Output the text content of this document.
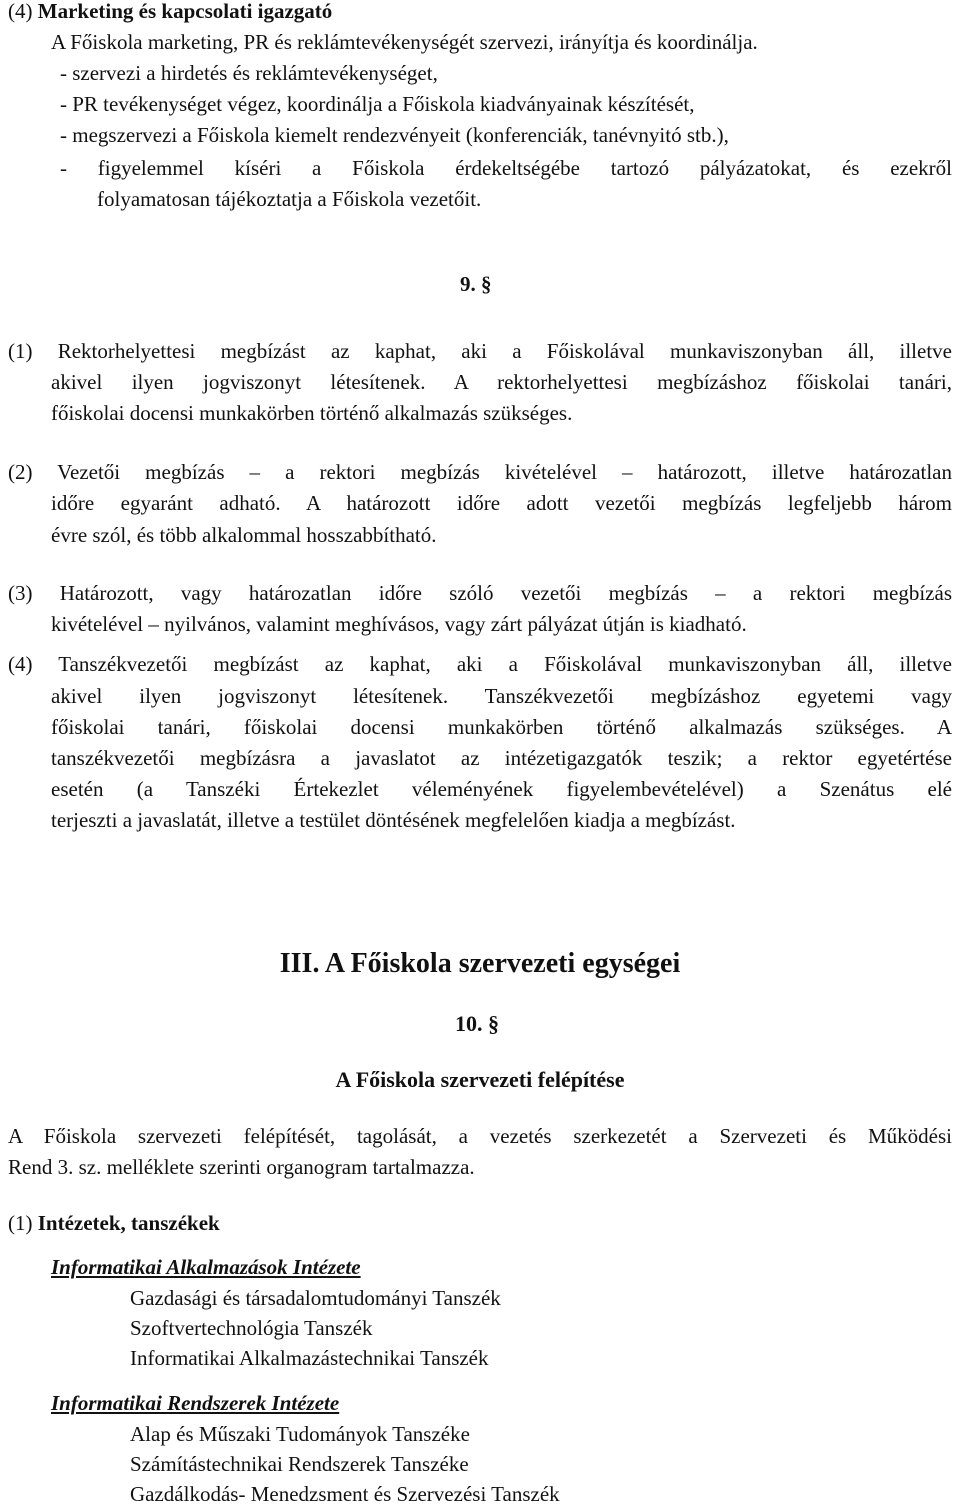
(4) Marketing és kapcsolati igazgató
A Főiskola marketing, PR és reklámtevékenységét szervezi, irányítja és koordinálja.
- szervezi a hirdetés és reklámtevékenységet,
- PR tevékenységet végez, koordinálja a Főiskola kiadványainak készítését,
- megszervezi a Főiskola kiemelt rendezvényeit (konferenciák, tanévnyitó stb.),
- figyelemmel kíséri a Főiskola érdekeltségébe tartozó pályázatokat, és ezekről
folyamatosan tájékoztatja a Főiskola vezetőit.
9. §
(1) Rektorhelyettesi megbízást az kaphat, aki a Főiskolával munkaviszonyban áll, illetve
akivel ilyen jogviszonyt létesítenek. A rektorhelyettesi megbízáshoz főiskolai tanári,
főiskolai docensi munkakörben történő alkalmazás szükséges.
(2) Vezetői megbízás – a rektori megbízás kivételével – határozott, illetve határozatlan
időre egyaránt adható. A határozott időre adott vezetői megbízás legfeljebb három
évre szól, és több alkalommal hosszabbítható.
(3) Határozott, vagy határozatlan időre szóló vezetői megbízás – a rektori megbízás
kivételével – nyilvános, valamint meghívásos, vagy zárt pályázat útján is kiadható.
(4) Tanszékvezetői megbízást az kaphat, aki a Főiskolával munkaviszonyban áll, illetve
akivel ilyen jogviszonyt létesítenek. Tanszékvezetői megbízáshoz egyetemi vagy
főiskolai tanári, főiskolai docensi munkakörben történő alkalmazás szükséges. A
tanszékvezetői megbízásra a javaslatot az intézetigazgatók teszik; a rektor egyetértése
esetén (a Tanszéki Értekezlet véleményének figyelembevételével) a Szenátus elé
terjeszti a javaslatát, illetve a testület döntésének megfelelően kiadja a megbízást.
III. A Főiskola szervezeti egységei
10. §
A Főiskola szervezeti felépítése
A Főiskola szervezeti felépítését, tagolását, a vezetés szerkezetét a Szervezeti és Működési
Rend 3. sz. melléklete szerinti organogram tartalmazza.
(1) Intézetek, tanszékek
Informatikai Alkalmazások Intézete
Gazdasági és társadalomtudományi Tanszék
Szoftvertechnológia Tanszék
Informatikai Alkalmazástechnikai Tanszék
Informatikai Rendszerek Intézete
Alap és Műszaki Tudományok Tanszéke
Számítástechnikai Rendszerek Tanszéke
Gazdálkodás- Menedzsment és Szervezési Tanszék
